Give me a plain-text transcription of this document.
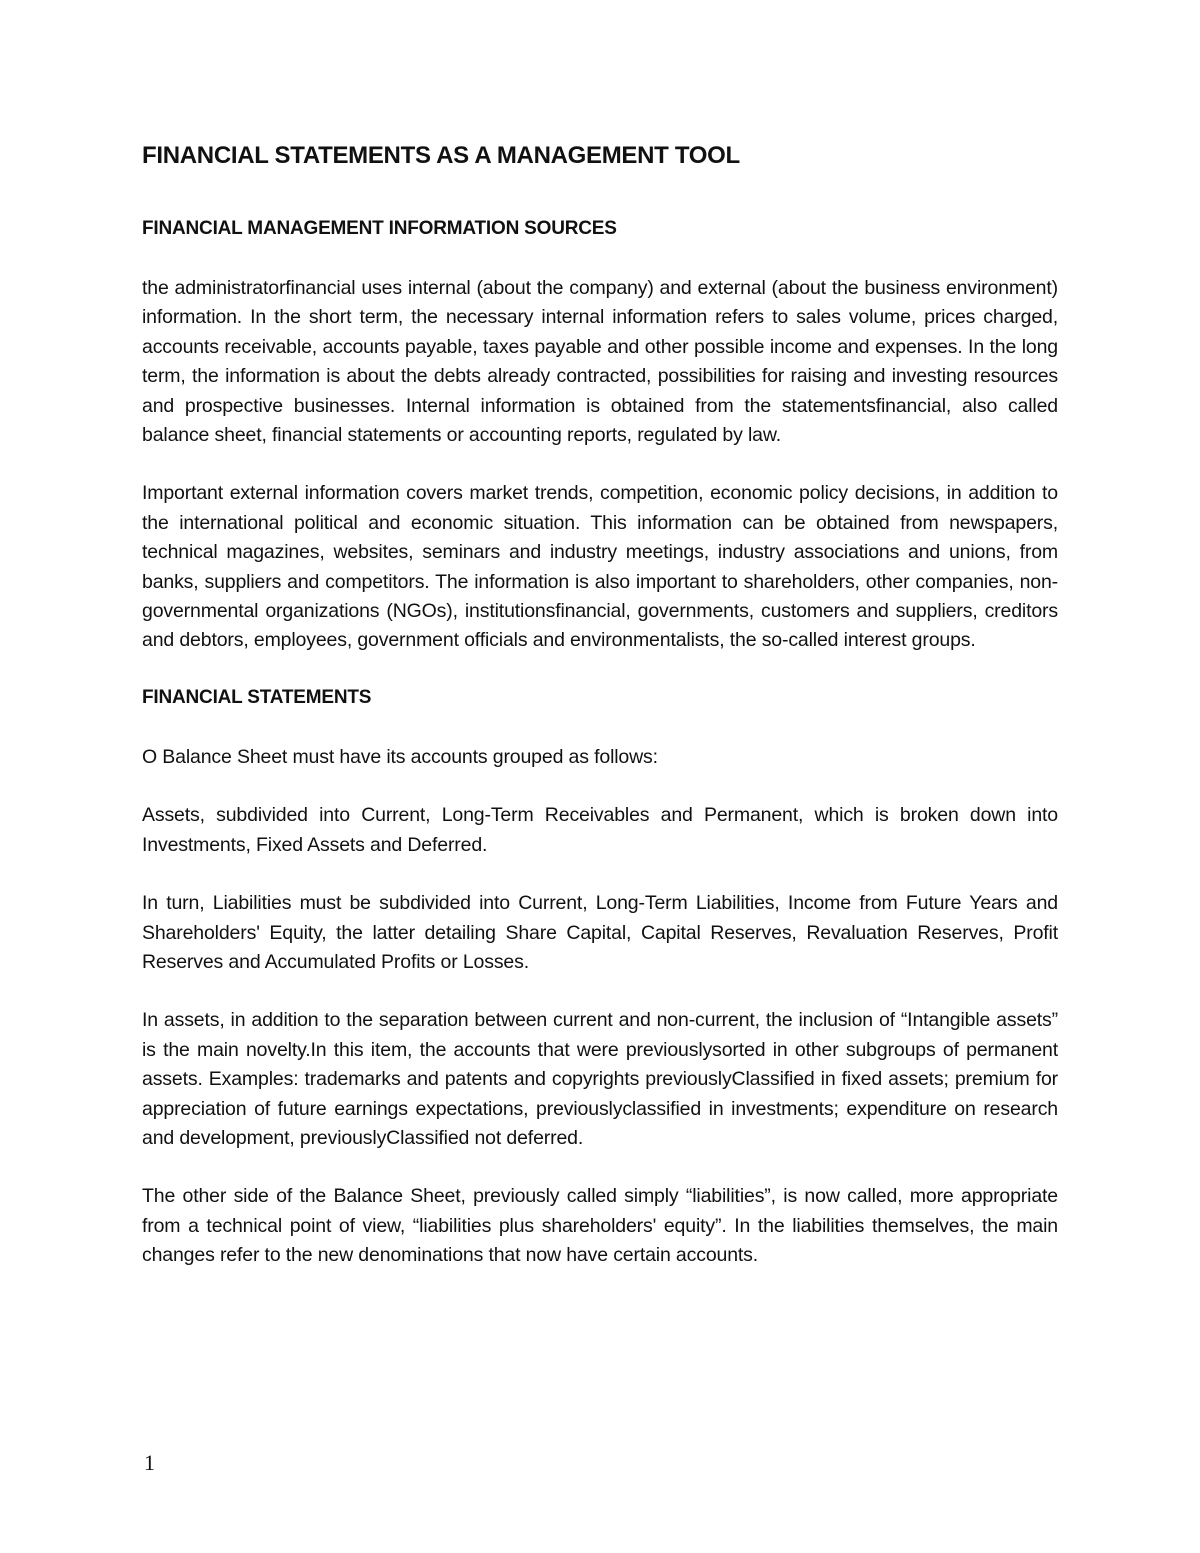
FINANCIAL STATEMENTS AS A MANAGEMENT TOOL
FINANCIAL MANAGEMENT INFORMATION SOURCES

the administratorfinancial uses internal (about the company) and external (about the business environment) information. In the short term, the necessary internal information refers to sales volume, prices charged, accounts receivable, accounts payable, taxes payable and other possible income and expenses. In the long term, the information is about the debts already contracted, possibilities for raising and investing resources and prospective businesses. Internal information is obtained from the statementsfinancial, also called balance sheet, financial statements or accounting reports, regulated by law.

Important external information covers market trends, competition, economic policy decisions, in addition to the international political and economic situation. This information can be obtained from newspapers, technical magazines, websites, seminars and industry meetings, industry associations and unions, from banks, suppliers and competitors. The information is also important to shareholders, other companies, non-governmental organizations (NGOs), institutionsfinancial, governments, customers and suppliers, creditors and debtors, employees, government officials and environmentalists, the so-called interest groups.

FINANCIAL STATEMENTS

O Balance Sheet must have its accounts grouped as follows:

Assets, subdivided into Current, Long-Term Receivables and Permanent, which is broken down into Investments, Fixed Assets and Deferred.

In turn, Liabilities must be subdivided into Current, Long-Term Liabilities, Income from Future Years and Shareholders' Equity, the latter detailing Share Capital, Capital Reserves, Revaluation Reserves, Profit Reserves and Accumulated Profits or Losses.

In assets, in addition to the separation between current and non-current, the inclusion of “Intangible assets” is the main novelty.In this item, the accounts that were previouslysorted in other subgroups of permanent assets. Examples: trademarks and patents and copyrights previouslyClassified in fixed assets; premium for appreciation of future earnings expectations, previouslyclassified in investments; expenditure on research and development, previouslyClassified not deferred.

The other side of the Balance Sheet, previously called simply “liabilities”, is now called, more appropriate from a technical point of view, “liabilities plus shareholders' equity”. In the liabilities themselves, the main changes refer to the new denominations that now have certain accounts.

1
